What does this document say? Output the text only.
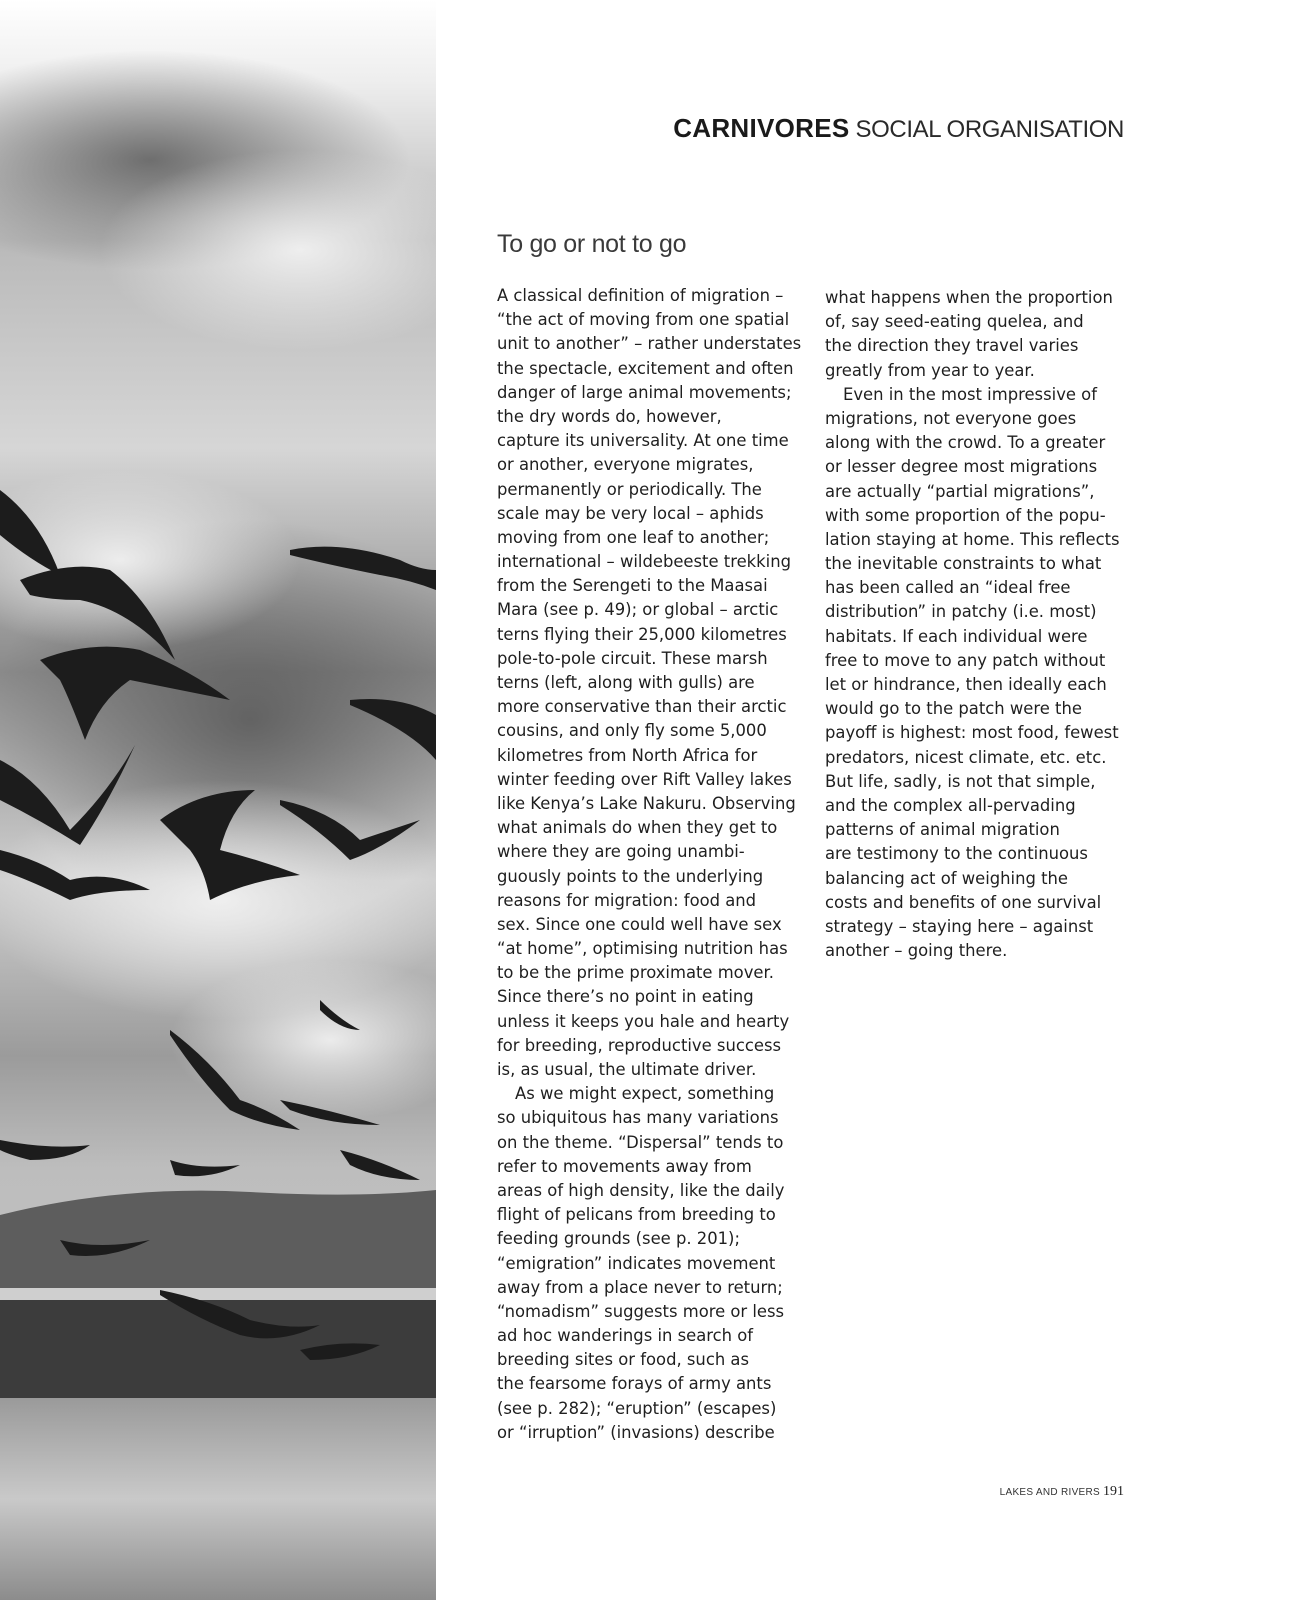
CARNIVORES SOCIAL ORGANISATION
To go or not to go
A classical definition of migration –
“the act of moving from one spatial
unit to another” – rather understates
the spectacle, excitement and often
danger of large animal movements;
the dry words do, however,
capture its universality. At one time
or another, everyone migrates,
permanently or periodically. The
scale may be very local – aphids
moving from one leaf to another;
international – wildebeeste trekking
from the Serengeti to the Maasai
Mara (see p. 49); or global – arctic
terns flying their 25,000 kilometres
pole-to-pole circuit. These marsh
terns (left, along with gulls) are
more conservative than their arctic
cousins, and only fly some 5,000
kilometres from North Africa for
winter feeding over Rift Valley lakes
like Kenya’s Lake Nakuru. Observing
what animals do when they get to
where they are going unambi-
guously points to the underlying
reasons for migration: food and
sex. Since one could well have sex
“at home”, optimising nutrition has
to be the prime proximate mover.
Since there’s no point in eating
unless it keeps you hale and hearty
for breeding, reproductive success
is, as usual, the ultimate driver.
As we might expect, something
so ubiquitous has many variations
on the theme. “Dispersal” tends to
refer to movements away from
areas of high density, like the daily
flight of pelicans from breeding to
feeding grounds (see p. 201);
“emigration” indicates movement
away from a place never to return;
“nomadism” suggests more or less
ad hoc wanderings in search of
breeding sites or food, such as
the fearsome forays of army ants
(see p. 282); “eruption” (escapes)
or “irruption” (invasions) describe
what happens when the proportion
of, say seed-eating quelea, and
the direction they travel varies
greatly from year to year.
Even in the most impressive of
migrations, not everyone goes
along with the crowd. To a greater
or lesser degree most migrations
are actually “partial migrations”,
with some proportion of the popu-
lation staying at home. This reflects
the inevitable constraints to what
has been called an “ideal free
distribution” in patchy (i.e. most)
habitats. If each individual were
free to move to any patch without
let or hindrance, then ideally each
would go to the patch were the
payoff is highest: most food, fewest
predators, nicest climate, etc. etc.
But life, sadly, is not that simple,
and the complex all-pervading
patterns of animal migration
are testimony to the continuous
balancing act of weighing the
costs and benefits of one survival
strategy – staying here – against
another – going there.
LAKES AND RIVERS 191
